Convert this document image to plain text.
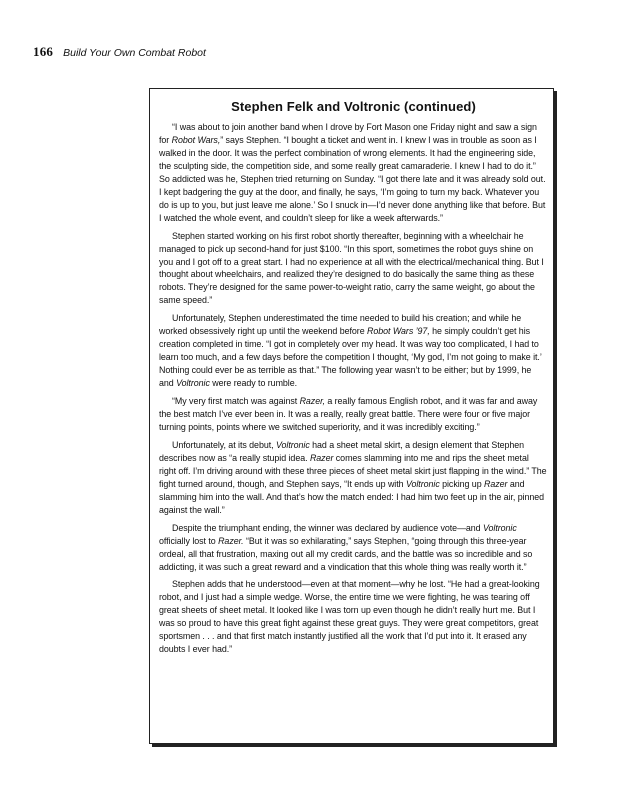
166 Build Your Own Combat Robot
Stephen Felk and Voltronic (continued)

“I was about to join another band when I drove by Fort Mason one Friday night and saw a sign for Robot Wars,” says Stephen. “I bought a ticket and went in. I knew I was in trouble as soon as I walked in the door. It was the perfect combination of wrong elements. It had the engineering side, the sculpting side, the competition side, and some really great camaraderie. I knew I had to do it.” So addicted was he, Stephen tried returning on Sunday. “I got there late and it was already sold out. I kept badgering the guy at the door, and finally, he says, ‘I’m going to turn my back. Whatever you do is up to you, but just leave me alone.’ So I snuck in—I’d never done anything like that before. But I watched the whole event, and couldn’t sleep for like a week afterwards.”

Stephen started working on his first robot shortly thereafter, beginning with a wheelchair he managed to pick up second-hand for just $100. “In this sport, sometimes the robot guys shine on you and I got off to a great start. I had no experience at all with the electrical/mechanical thing. But I thought about wheelchairs, and realized they’re designed to do basically the same thing as these robots. They’re designed for the same power-to-weight ratio, carry the same weight, go about the same speed.”

Unfortunately, Stephen underestimated the time needed to build his creation; and while he worked obsessively right up until the weekend before Robot Wars ’97, he simply couldn’t get his creation completed in time. “I got in completely over my head. It was way too complicated, I had to learn too much, and a few days before the competition I thought, ‘My god, I’m not going to make it.’ Nothing could ever be as terrible as that.” The following year wasn’t to be either; but by 1999, he and Voltronic were ready to rumble.

“My very first match was against Razer, a really famous English robot, and it was far and away the best match I’ve ever been in. It was a really, really great battle. There were four or five major turning points, points where we switched superiority, and it was incredibly exciting.”

Unfortunately, at its debut, Voltronic had a sheet metal skirt, a design element that Stephen describes now as “a really stupid idea. Razer comes slamming into me and rips the sheet metal right off. I’m driving around with these three pieces of sheet metal skirt just flapping in the wind.” The fight turned around, though, and Stephen says, “It ends up with Voltronic picking up Razer and slamming him into the wall. And that’s how the match ended: I had him two feet up in the air, pinned against the wall.”

Despite the triumphant ending, the winner was declared by audience vote—and Voltronic officially lost to Razer. “But it was so exhilarating,” says Stephen, “going through this three-year ordeal, all that frustration, maxing out all my credit cards, and the battle was so incredible and so addicting, it was such a great reward and a vindication that this whole thing was really worth it.”

Stephen adds that he understood—even at that moment—why he lost. “He had a great-looking robot, and I just had a simple wedge. Worse, the entire time we were fighting, he was tearing off great sheets of sheet metal. It looked like I was torn up even though he didn’t really hurt me. But I was so proud to have this great fight against these great guys. They were great competitors, great sportsmen . . . and that first match instantly justified all the work that I’d put into it. It erased any doubts I ever had.”
